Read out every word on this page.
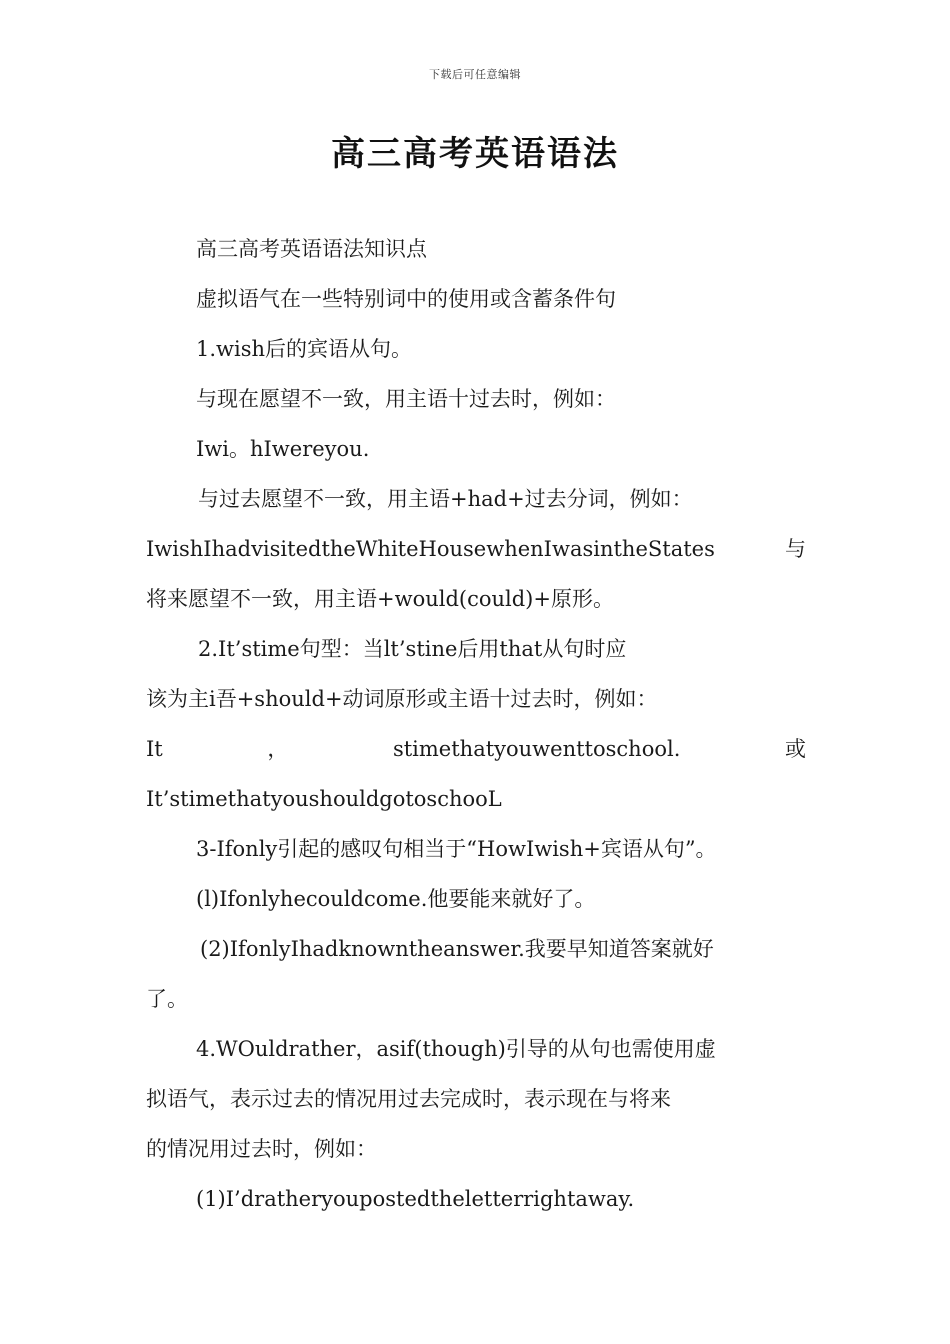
下载后可任意编辑
高三高考英语语法
高三高考英语语法知识点
虚拟语气在一些特别词中的使用或含蓄条件句
1.wish后的宾语从句。
与现在愿望不一致，用主语十过去时，例如：
Iwi。hIwereyou.
与过去愿望不一致，用主语+had+过去分词，例如：
IwishIhadvisitedtheWhiteHousewhenIwasintheStates	与
将来愿望不一致，用主语+would(could)+原形。
2.It’stime句型：当lt’stine后用that从句时应
该为主i吾+should+动词原形或主语十过去时，例如：
It	，	stimethatyouwenttoschool.	或
It’stimethatyoushouldgotoschooL
3-Ifonly引起的感叹句相当于“HowIwish+宾语从句”。
(l)Ifonlyhecouldcome.他要能来就好了。
(2)IfonlyIhadknowntheanswer.我要早知道答案就好
了。
4.WOuldrather，asif(though)引导的从句也需使用虚
拟语气，表示过去的情况用过去完成时，表示现在与将来
的情况用过去时，例如：
(1)I’dratheryoupostedtheletterrightaway.
